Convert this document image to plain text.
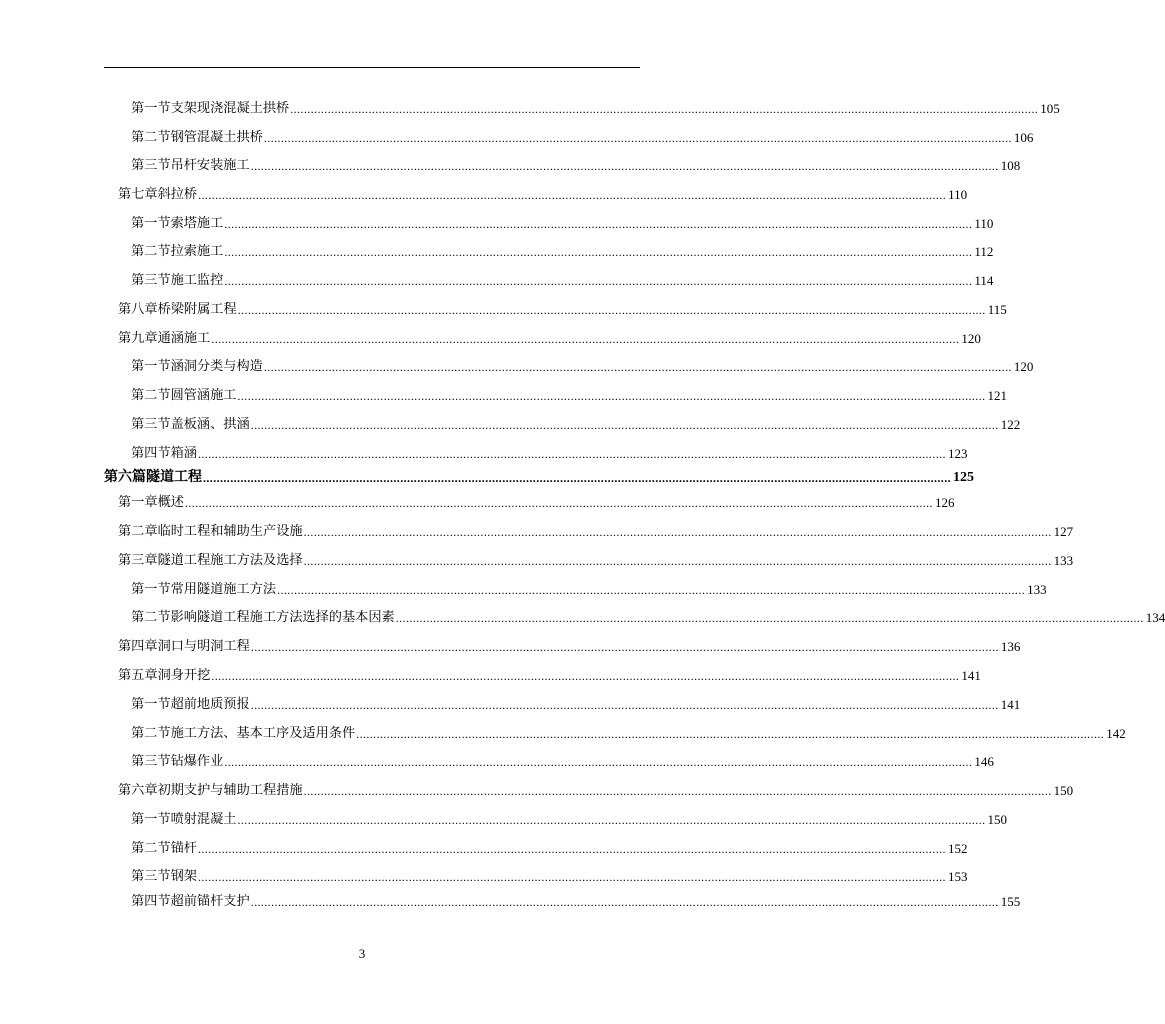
第一节 支架现浇混凝土拱桥 ............................................................................................................................................................................................................................ 105
第二节 钢管混凝土拱桥 ............................................................................................................................................................................................................................ 106
第三节 吊杆安装施工 ............................................................................................................................................................................................................................ 108
第七章 斜拉桥 ............................................................................................................................................................................................................................ 110
第一节 索塔施工 ............................................................................................................................................................................................................................ 110
第二节 拉索施工 ............................................................................................................................................................................................................................ 112
第三节 施工监控 ............................................................................................................................................................................................................................ 114
第八章 桥梁附属工程 ............................................................................................................................................................................................................................ 115
第九章 通涵施工 ............................................................................................................................................................................................................................ 120
第一节 涵洞分类与构造 ............................................................................................................................................................................................................................ 120
第二节 圆管涵施工 ............................................................................................................................................................................................................................ 121
第三节 盖板涵、拱涵 ............................................................................................................................................................................................................................ 122
第四节 箱涵 ............................................................................................................................................................................................................................ 123
第六篇 隧道工程 ............................................................................................................................................................................................................................ 125
第一章 概述 ............................................................................................................................................................................................................................ 126
第二章 临时工程和辅助生产设施 ............................................................................................................................................................................................................................ 127
第三章 隧道工程施工方法及选择 ............................................................................................................................................................................................................................ 133
第一节 常用隧道施工方法 ............................................................................................................................................................................................................................ 133
第二节 影响隧道工程施工方法选择的基本因素 ............................................................................................................................................................................................................................ 134
第四章 洞口与明洞工程 ............................................................................................................................................................................................................................ 136
第五章 洞身开挖 ............................................................................................................................................................................................................................ 141
第一节 超前地质预报 ............................................................................................................................................................................................................................ 141
第二节 施工方法、基本工序及适用条件 ............................................................................................................................................................................................................................ 142
第三节 钻爆作业 ............................................................................................................................................................................................................................ 146
第六章 初期支护与辅助工程措施 ............................................................................................................................................................................................................................ 150
第一节 喷射混凝土 ............................................................................................................................................................................................................................ 150
第二节 锚杆 ............................................................................................................................................................................................................................ 152
第三节 钢架 ............................................................................................................................................................................................................................ 153
第四节 超前锚杆支护 ............................................................................................................................................................................................................................ 155
3
